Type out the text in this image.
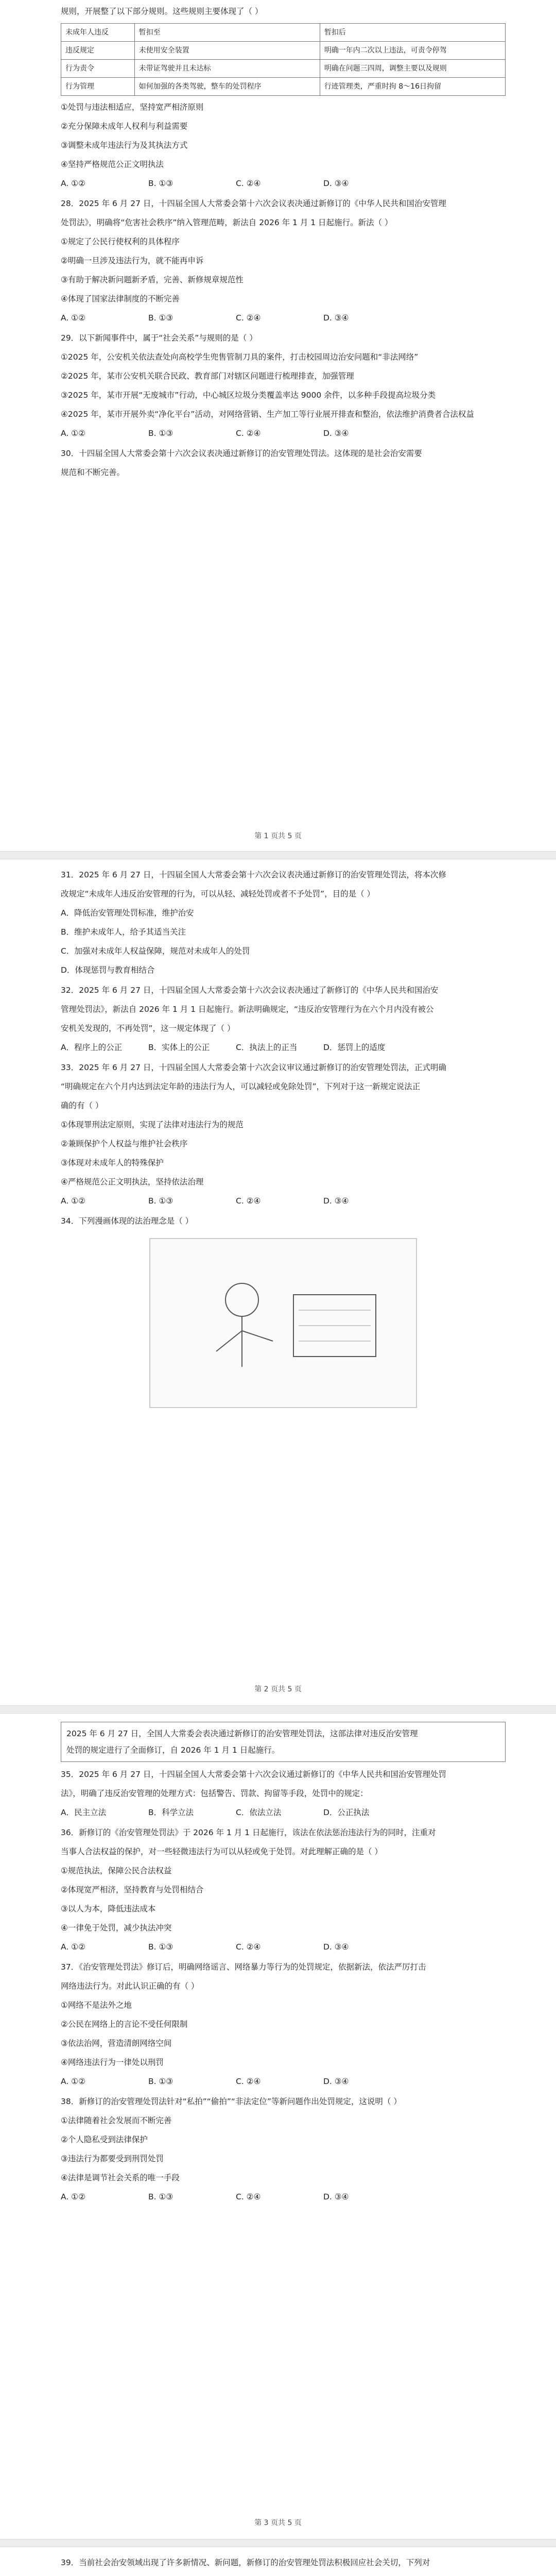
规则，开展整了以下部分规则。这些规则主要体现了（ ）
未成年人违反	暂扣至	暂扣后
违反规定	未使用安全装置	明确一年内二次以上违法，可责令停驾
行为责令	未带证驾驶并且未达标	明确在问题三四周，调整主要以及规则
行为管理	如何加强的各类驾驶，整车的处罚程序	行迹管理类，严重时拘 8～16日拘留
①处罚与违法相适应，坚持宽严相济原则
②充分保障未成年人权利与利益需要
③调整未成年违法行为及其执法方式
④坚持严格规范公正文明执法
A. ①②	B. ①③	C. ②④	D. ③④
28．2025 年 6 月 27 日，十四届全国人大常委会第十六次会议表决通过新修订的《中华人民共和国治安管理
处罚法》，明确将“危害社会秩序”纳入管理范畴，新法自 2026 年 1 月 1 日起施行。新法（ ）
①规定了公民行使权利的具体程序
②明确一旦涉及违法行为，就不能再申诉
③有助于解决新问题新矛盾，完善、新修规章规范性
④体现了国家法律制度的不断完善
A. ①②	B. ①③	C. ②④	D. ③④
29．以下新闻事件中，属于“社会关系”与规则的是（ ）
①2025 年，公安机关依法查处向高校学生兜售管制刀具的案件，打击校园周边治安问题和“非法网络”
②2025 年，某市公安机关联合民政、教育部门对辖区问题进行梳理排查，加强管理
③2025 年，某市开展“无废城市”行动，中心城区垃圾分类覆盖率达 9000 余件，以多种手段提高垃圾分类
④2025 年，某市开展外卖“净化平台”活动，对网络营销、生产加工等行业展开排查和整治，依法维护消费者合法权益
A. ①②	B. ①③	C. ②④	D. ③④
30．十四届全国人大常委会第十六次会议表决通过新修订的治安管理处罚法。这体现的是社会治安需要
规范和不断完善。
第 1 页共 5 页
31．2025 年 6 月 27 日，十四届全国人大常委会第十六次会议表决通过新修订的治安管理处罚法，将本次修
改规定“未成年人违反治安管理的行为，可以从轻、减轻处罚或者不予处罚”，目的是（ ）
A．降低治安管理处罚标准，维护治安
B．维护未成年人，给予其适当关注
C．加强对未成年人权益保障，规范对未成年人的处罚
D．体现惩罚与教育相结合
32．2025 年 6 月 27 日，十四届全国人大常委会第十六次会议表决通过了新修订的《中华人民共和国治安
管理处罚法》，新法自 2026 年 1 月 1 日起施行。新法明确规定，“违反治安管理行为在六个月内没有被公
安机关发现的，不再处罚”，这一规定体现了（ ）
A．程序上的公正	B．实体上的公正	C．执法上的正当	D．惩罚上的适度
33．2025 年 6 月 27 日，十四届全国人大常委会第十六次会议审议通过新修订的治安管理处罚法，正式明确
“明确规定在六个月内达到法定年龄的违法行为人，可以减轻或免除处罚”，下列对于这一新规定说法正
确的有（ ）
①体现罪刑法定原则，实现了法律对违法行为的规范
②兼顾保护个人权益与维护社会秩序
③体现对未成年人的特殊保护
④严格规范公正文明执法，坚持依法治理
A. ①②	B. ①③	C. ②④	D. ③④
34．下列漫画体现的法治理念是（ ）
第 2 页共 5 页
2025 年 6 月 27 日，全国人大常委会表决通过新修订的治安管理处罚法，这部法律对违反治安管理
处罚的规定进行了全面修订，自 2026 年 1 月 1 日起施行。
35．2025 年 6 月 27 日，十四届全国人大常委会第十六次会议通过新修订的《中华人民共和国治安管理处罚
法》，明确了违反治安管理的处理方式：包括警告、罚款、拘留等手段，处罚中的规定：
A．民主立法	B．科学立法	C．依法立法	D．公正执法
36．新修订的《治安管理处罚法》于 2026 年 1 月 1 日起施行，该法在依法惩治违法行为的同时，注重对
当事人合法权益的保护，对一些轻微违法行为可以从轻或免于处罚。对此理解正确的是（ ）
①规范执法，保障公民合法权益
②体现宽严相济，坚持教育与处罚相结合
③以人为本，降低违法成本
④一律免于处罚，减少执法冲突
A. ①②	B. ①③	C. ②④	D. ③④
37．《治安管理处罚法》修订后，明确网络谣言、网络暴力等行为的处罚规定，依据新法，依法严厉打击
网络违法行为。对此认识正确的有（ ）
①网络不是法外之地
②公民在网络上的言论不受任何限制
③依法治网，营造清朗网络空间
④网络违法行为一律处以刑罚
A. ①②	B. ①③	C. ②④	D. ③④
38．新修订的治安管理处罚法针对“私拍”“偷拍”“非法定位”等新问题作出处罚规定，这说明（ ）
①法律随着社会发展而不断完善
②个人隐私受到法律保护
③违法行为都要受到刑罚处罚
④法律是调节社会关系的唯一手段
A. ①②	B. ①③	C. ②④	D. ③④
第 3 页共 5 页
39．当前社会治安领域出现了许多新情况、新问题，新修订的治安管理处罚法积极回应社会关切，下列对
